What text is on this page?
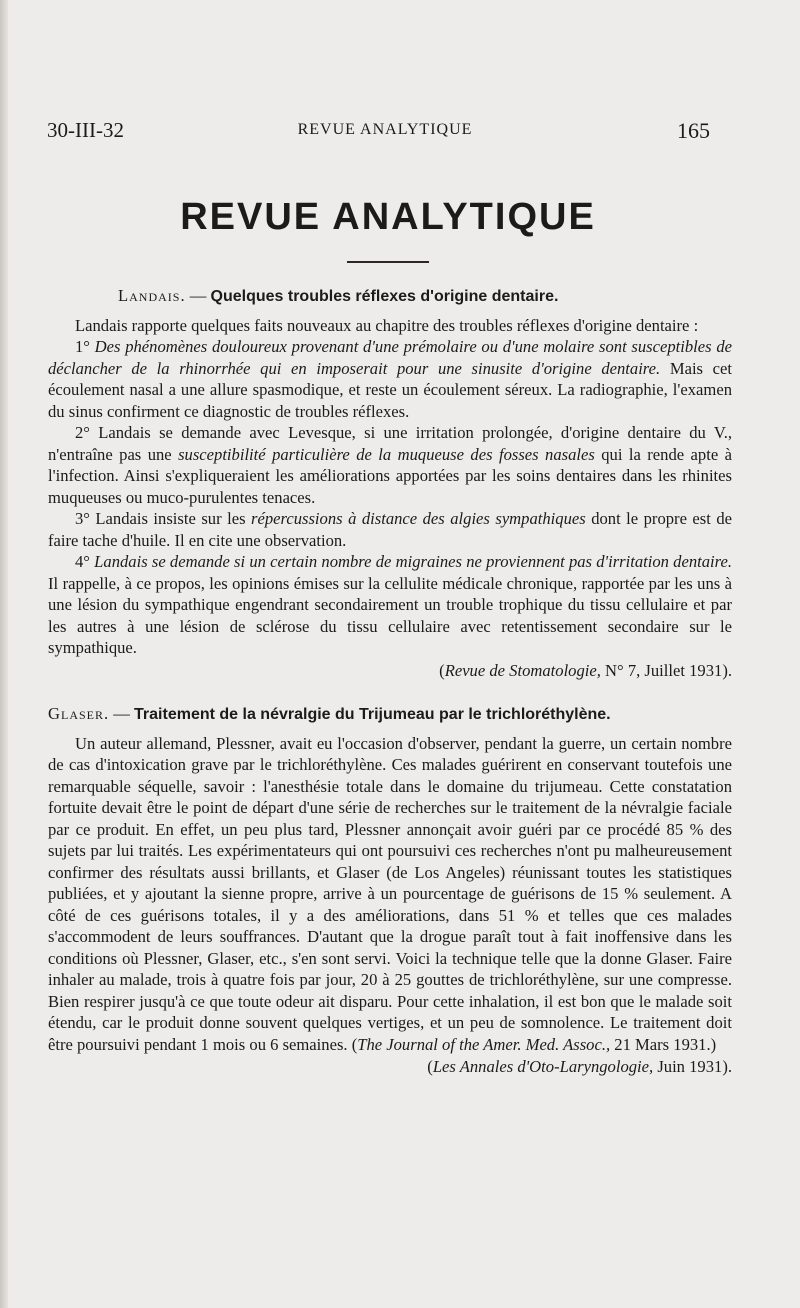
30-III-32	REVUE ANALYTIQUE	165
REVUE ANALYTIQUE

Landais. — Quelques troubles réflexes d'origine dentaire.

Landais rapporte quelques faits nouveaux au chapitre des troubles réflexes d'origine dentaire :

1° Des phénomènes douloureux provenant d'une prémolaire ou d'une molaire sont susceptibles de déclancher de la rhinorrhée qui en imposerait pour une sinusite d'origine dentaire. Mais cet écoulement nasal a une allure spasmodique, et reste un écoulement séreux. La radiographie, l'examen du sinus confirment ce diagnostic de troubles réflexes.

2° Landais se demande avec Levesque, si une irritation prolongée, d'origine dentaire du V., n'entraîne pas une susceptibilité particulière de la muqueuse des fosses nasales qui la rende apte à l'infection. Ainsi s'expliqueraient les améliorations apportées par les soins dentaires dans les rhinites muqueuses ou muco-purulentes tenaces.

3° Landais insiste sur les répercussions à distance des algies sympathiques dont le propre est de faire tache d'huile. Il en cite une observation.

4° Landais se demande si un certain nombre de migraines ne proviennent pas d'irritation dentaire. Il rappelle, à ce propos, les opinions émises sur la cellulite médicale chronique, rapportée par les uns à une lésion du sympathique engendrant secondairement un trouble trophique du tissu cellulaire et par les autres à une lésion de sclérose du tissu cellulaire avec retentissement secondaire sur le sympathique.

(Revue de Stomatologie, N° 7, Juillet 1931).

Glaser. — Traitement de la névralgie du Trijumeau par le trichloréthylène.

Un auteur allemand, Plessner, avait eu l'occasion d'observer, pendant la guerre, un certain nombre de cas d'intoxication grave par le trichloréthylène. Ces malades guérirent en conservant toutefois une remarquable séquelle, savoir : l'anesthésie totale dans le domaine du trijumeau. Cette constatation fortuite devait être le point de départ d'une série de recherches sur le traitement de la névralgie faciale par ce produit. En effet, un peu plus tard, Plessner annonçait avoir guéri par ce procédé 85 % des sujets par lui traités. Les expérimentateurs qui ont poursuivi ces recherches n'ont pu malheureusement confirmer des résultats aussi brillants, et Glaser (de Los Angeles) réunissant toutes les statistiques publiées, et y ajoutant la sienne propre, arrive à un pourcentage de guérisons de 15 % seulement. A côté de ces guérisons totales, il y a des améliorations, dans 51 % et telles que ces malades s'accommodent de leurs souffrances. D'autant que la drogue paraît tout à fait inoffensive dans les conditions où Plessner, Glaser, etc., s'en sont servi. Voici la technique telle que la donne Glaser. Faire inhaler au malade, trois à quatre fois par jour, 20 à 25 gouttes de trichloréthylène, sur une compresse. Bien respirer jusqu'à ce que toute odeur ait disparu. Pour cette inhalation, il est bon que le malade soit étendu, car le produit donne souvent quelques vertiges, et un peu de somnolence. Le traitement doit être poursuivi pendant 1 mois ou 6 semaines. (The Journal of the Amer. Med. Assoc., 21 Mars 1931.)

(Les Annales d'Oto-Laryngologie, Juin 1931).
